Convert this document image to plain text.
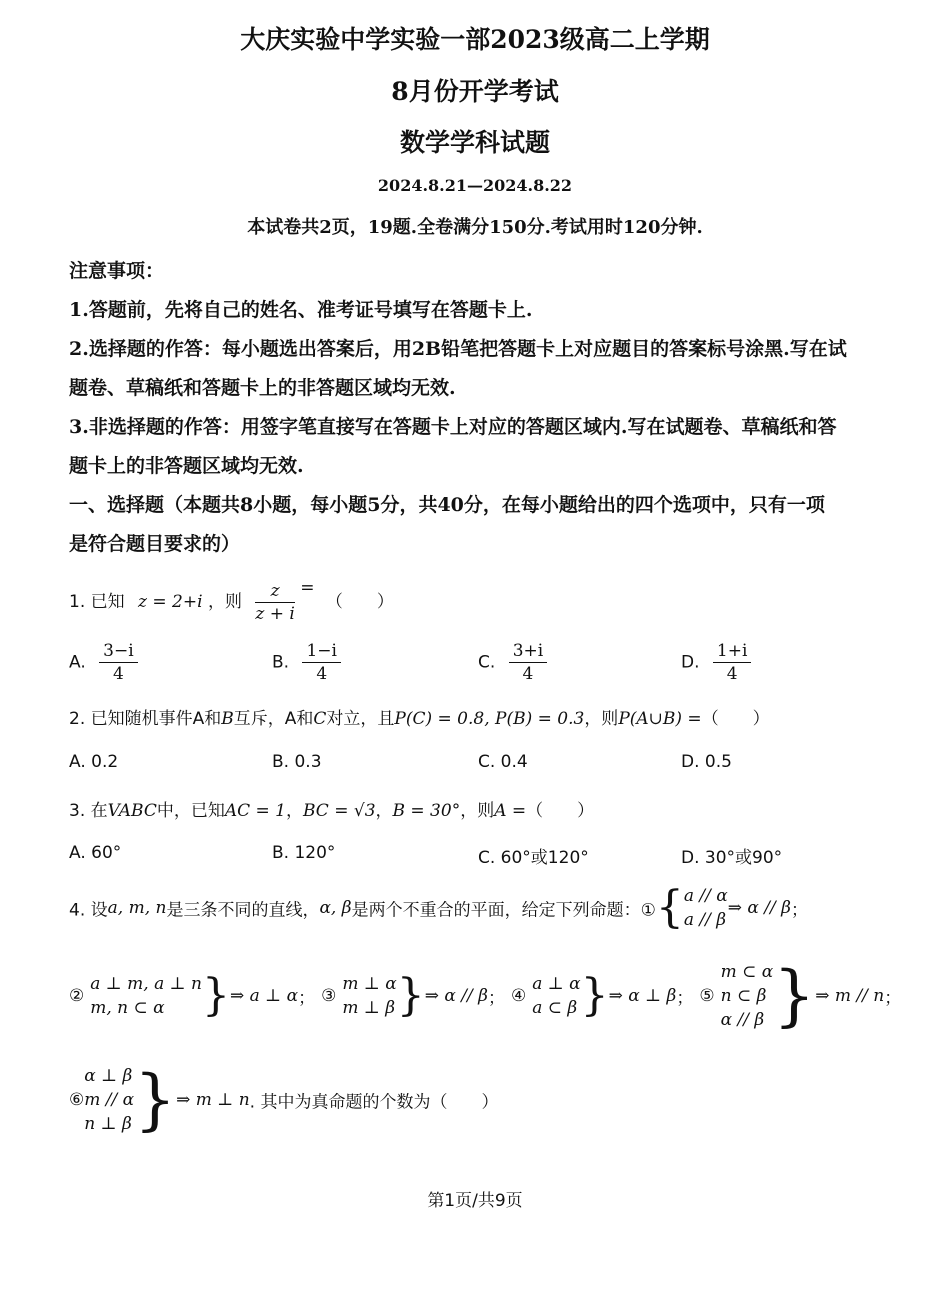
大庆实验中学实验一部2023级高二上学期
8月份开学考试
数学学科试题
2024.8.21—2024.8.22
本试卷共2页，19题.全卷满分150分.考试用时120分钟.
注意事项：
1.答题前，先将自己的姓名、准考证号填写在答题卡上.
2.选择题的作答：每小题选出答案后，用2B铅笔把答题卡上对应题目的答案标号涂黑.写在试
题卷、草稿纸和答题卡上的非答题区域均无效.
3.非选择题的作答：用签字笔直接写在答题卡上对应的答题区域内.写在试题卷、草稿纸和答
题卡上的非答题区域均无效.
一、选择题（本题共8小题，每小题5分，共40分，在每小题给出的四个选项中，只有一项
是符合题目要求的）
1. 已知 z = 2+i ，则 $\frac{z}{z + i}$ = （　　）
A. $\frac{3-i}{4}$	B. $\frac{1-i}{4}$	C. $\frac{3+i}{4}$	D. $\frac{1+i}{4}$
2. 已知随机事件A和B互斥，A和C对立，且P(C) = 0.8, P(B) = 0.3，则P(A∪B) =（　　）
A. 0.2	B. 0.3	C. 0.4	D. 0.5
3. 在VABC中，已知AC = 1，BC = √3，B = 30°，则A =（　　）
A. 60°	B. 120°	C. 60°或120°	D. 30°或90°
4. 设a, m, n是三条不同的直线，α, β是两个不重合的平面，给定下列命题：①{ a // α
a // β
⇒ α // β；
②
a ⊥ m, a ⊥ n
m, n ⊂ α }⇒ a ⊥ α； ③
m ⊥ α
m ⊥ β }⇒ α // β； ④
a ⊥ α
a ⊂ β }⇒ α ⊥ β； ⑤
m ⊂ α
n ⊂ β
α // β }⇒ m // n；
⑥
α ⊥ β
m // α
n ⊥ β }⇒ m ⊥ n. 其中为真命题的个数为（　　）
第1页/共9页
